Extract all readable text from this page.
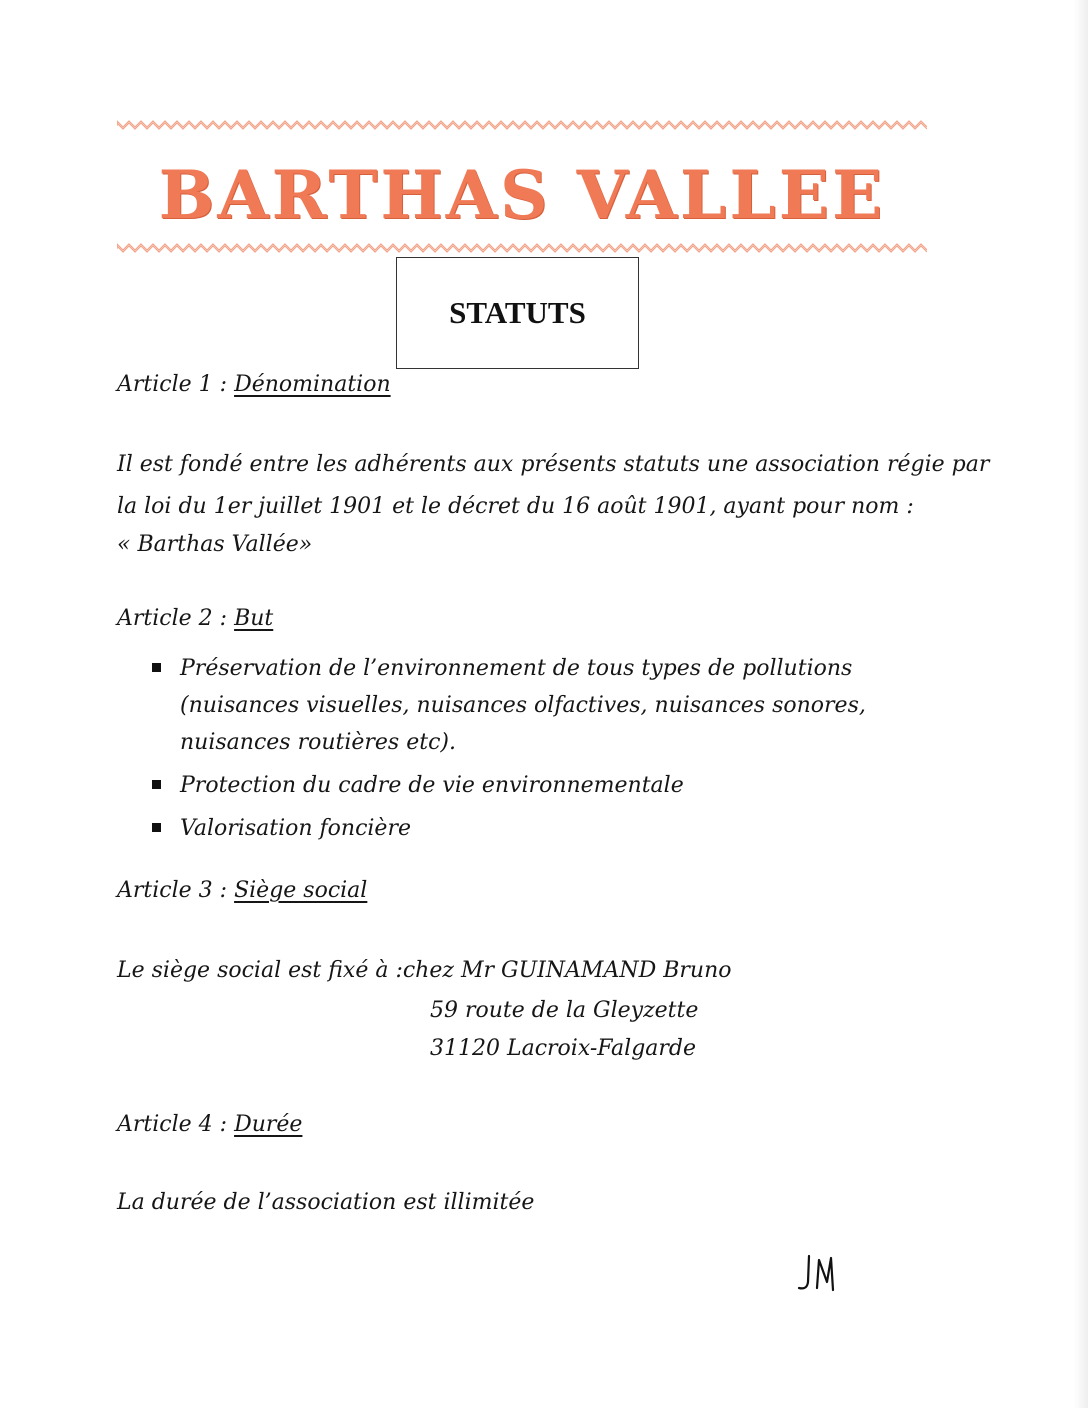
BARTHAS VALLEE
STATUTS
Article 1 : Dénomination
Il est fondé entre les adhérents aux présents statuts une association régie par
la loi du 1er juillet 1901 et le décret du 16 août 1901, ayant pour nom :
« Barthas Vallée»
Article 2 : But
Préservation de l’environnement de tous types de pollutions (nuisances visuelles, nuisances olfactives, nuisances sonores, nuisances routières etc).
Protection du cadre de vie environnementale
Valorisation foncière
Article 3 : Siège social
Le siège social est fixé à :chez Mr GUINAMAND Bruno
59 route de la Gleyzette
31120 Lacroix-Falgarde
Article 4 : Durée
La durée de l’association est illimitée
